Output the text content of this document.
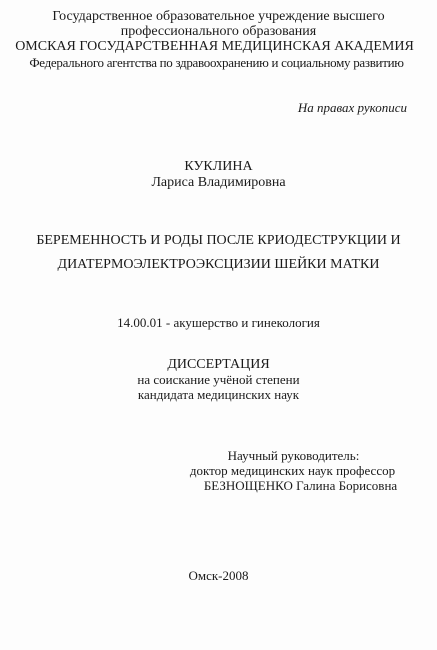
Государственное образовательное учреждение высшего
профессионального образования
ОМСКАЯ ГОСУДАРСТВЕННАЯ МЕДИЦИНСКАЯ АКАДЕМИЯ
Федерального агентства по здравоохранению и социальному развитию
На правах рукописи
КУКЛИНА
Лариса Владимировна
БЕРЕМЕННОСТЬ И РОДЫ ПОСЛЕ КРИОДЕСТРУКЦИИ И
ДИАТЕРМОЭЛЕКТРОЭКСЦИЗИИ ШЕЙКИ МАТКИ
14.00.01 - акушерство и гинекология
ДИССЕРТАЦИЯ
на соискание учёной степени
кандидата медицинских наук
Научный руководитель:
доктор медицинских наук профессор
БЕЗНОЩЕНКО Галина Борисовна
Омск-2008
